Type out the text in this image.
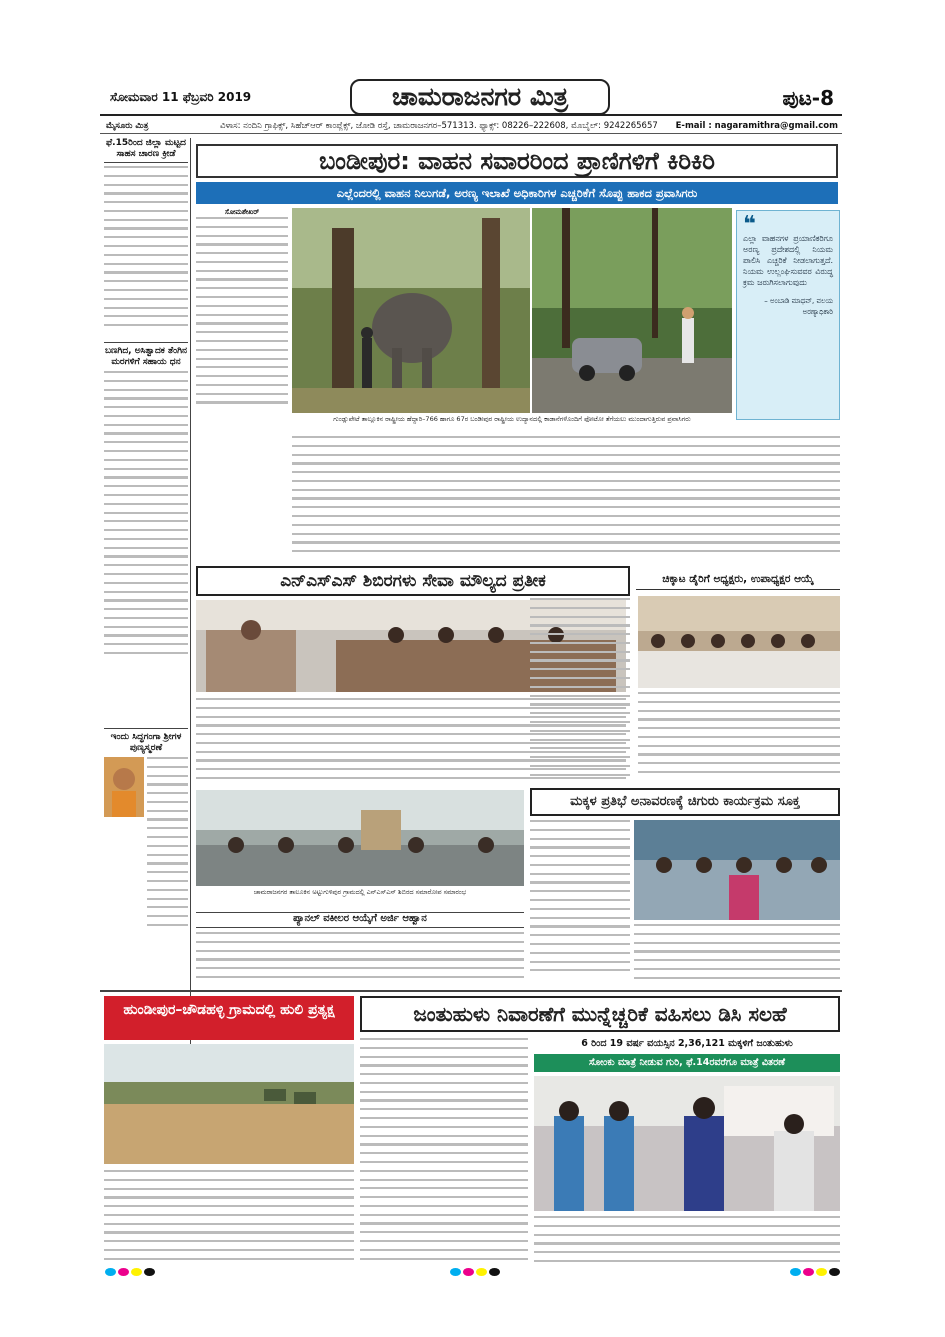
ಸೋಮವಾರ 11 ಫೆಬ್ರವರಿ 2019	ಚಾಮರಾಜನಗರ ಮಿತ್ರ	ಪುಟ-8
ಮೈಸೂರು ಮಿತ್ರ	ವಿಳಾಸ: ನಂದಿನಿ ಗ್ರಾಫಿಕ್ಸ್, ಸಿಹೆಚ್‌ಆರ್ ಕಾಂಪ್ಲೆಕ್ಸ್, ಜೋಡಿ ರಸ್ತೆ, ಚಾಮರಾಜನಗರ–571313. ಫ್ಯಾಕ್ಸ್: 08226–222608, ಮೊಬೈಲ್: 9242265657 E-mail : nagaramithra@gmail.com
ಫೆ.15ರಿಂದ ಜಿಲ್ಲಾ ಮಟ್ಟದ ಸಾಹಸ ಚಾರಣ ಕ್ರೀಡೆ
ಬಣಗಿದ, ಅಸಿತ್ವಾದಕ ತೆಂಗಿನ ಮರಗಳಿಗೆ ಸಹಾಯ ಧನ
ಬಂಡೀಪುರ: ವಾಹನ ಸವಾರರಿಂದ ಪ್ರಾಣಿಗಳಿಗೆ ಕಿರಿಕಿರಿ
ಎಲ್ಲೆಂದರಲ್ಲಿ ವಾಹನ ನಿಲುಗಡೆ, ಅರಣ್ಯ ಇಲಾಖೆ ಅಧಿಕಾರಿಗಳ ಎಚ್ಚರಿಕೆಗೆ ಸೊಪ್ಪು ಹಾಕದ ಪ್ರವಾಸಿಗರು
ಸೋಮಶೇಖರ್
ಗುಂಡ್ಲುಪೇಟೆ ತಾಲ್ಲೂಕಿನ ರಾಷ್ಟ್ರೀಯ ಹೆದ್ದಾರಿ–766 ಹಾಗೂ 67ರ ಬಂಡೀಪುರ ರಾಷ್ಟ್ರೀಯ ಉದ್ಯಾನದಲ್ಲಿ ಕಾಡಾನೆಗಳೊಂದಿಗೆ ಫೋಟೋ ತೆಗೆಯಲು ಮುಂದಾಗುತ್ತಿರುವ ಪ್ರವಾಸಿಗರು
❝
ಎಲ್ಲಾ ವಾಹನಗಳ ಪ್ರಯಾಣಿಕರಿಗೂ ಅರಣ್ಯ ಪ್ರದೇಶದಲ್ಲಿ ನಿಯಮ ಪಾಲಿಸಿ ಎಚ್ಚರಿಕೆ ನೀಡಲಾಗುತ್ತದೆ. ನಿಯಮ ಉಲ್ಲಂಘಿಸುವವರ ವಿರುದ್ಧ ಕ್ರಮ ಜರುಗಿಸಲಾಗುವುದು
– ಅಂಬಾಡಿ ಮಾಧವ್, ವಲಯ ಅರಣ್ಯಾಧಿಕಾರಿ
ಎನ್‌ಎಸ್‌ಎಸ್ ಶಿಬಿರಗಳು ಸೇವಾ ಮೌಲ್ಯದ ಪ್ರತೀಕ
ಚಾಮರಾಜನಗರ ತಾಲೂಕಿನ ಅಟ್ಟುಗುಳಿಪುರ ಗ್ರಾಮದಲ್ಲಿ ಎನ್‌ಎಸ್‌ಎಸ್ ಶಿಬಿರದ ಸಮಾರೋಪ ಸಮಾರಂಭ
ಪ್ಯಾನಲ್ ವಕೀಲರ ಆಯ್ಕೆಗೆ ಅರ್ಜಿ ಆಹ್ವಾನ
ಚಿಕ್ಕಾಟ ಡೈರಿಗೆ ಅಧ್ಯಕ್ಷರು, ಉಪಾಧ್ಯಕ್ಷರ ಆಯ್ಕೆ
ಮಕ್ಕಳ ಪ್ರತಿಭೆ ಅನಾವರಣಕ್ಕೆ ಚಿಗುರು ಕಾರ್ಯಕ್ರಮ ಸೂಕ್ತ
ಇಂದು ಸಿದ್ಧಗಂಗಾ ಶ್ರೀಗಳ ಪುಣ್ಯಸ್ಮರಣೆ
ಹುಂಡೀಪುರ–ಚೌಡಹಳ್ಳಿ ಗ್ರಾಮದಲ್ಲಿ ಹುಲಿ ಪ್ರತ್ಯಕ್ಷ	ಜಂತುಹುಳು ನಿವಾರಣೆಗೆ ಮುನ್ನೆಚ್ಚರಿಕೆ ವಹಿಸಲು ಡಿಸಿ ಸಲಹೆ
6 ರಿಂದ 19 ವರ್ಷ ವಯಸ್ಸಿನ 2,36,121 ಮಕ್ಕಳಿಗೆ ಜಂತುಹುಳು
ಸೋಂಕು ಮಾತ್ರೆ ನೀಡುವ ಗುರಿ, ಫೆ.14ರವರೆಗೂ ಮಾತ್ರೆ ವಿತರಣೆ
